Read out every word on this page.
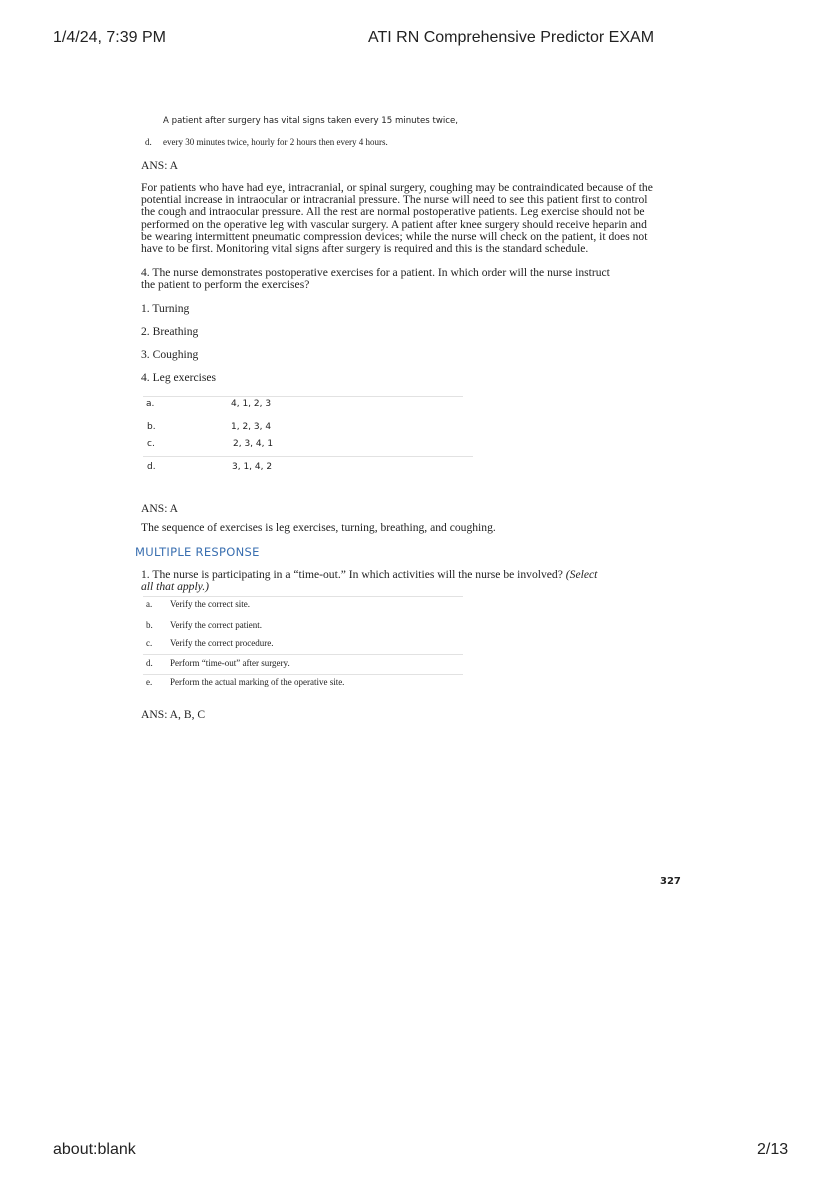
1/4/24, 7:39 PM	ATI RN Comprehensive Predictor EXAM
A patient after surgery has vital signs taken every 15 minutes twice,
d. every 30 minutes twice, hourly for 2 hours then every 4 hours.
ANS: A
For patients who have had eye, intracranial, or spinal surgery, coughing may be contraindicated because of the
potential increase in intraocular or intracranial pressure. The nurse will need to see this patient first to control
the cough and intraocular pressure. All the rest are normal postoperative patients. Leg exercise should not be
performed on the operative leg with vascular surgery. A patient after knee surgery should receive heparin and
be wearing intermittent pneumatic compression devices; while the nurse will check on the patient, it does not
have to be first. Monitoring vital signs after surgery is required and this is the standard schedule.
4. The nurse demonstrates postoperative exercises for a patient. In which order will the nurse instruct
the patient to perform the exercises?
1. Turning
2. Breathing
3. Coughing
4. Leg exercises
a.	4, 1, 2, 3
b.	1, 2, 3, 4
c.	2, 3, 4, 1
d.	3, 1, 4, 2
ANS: A
The sequence of exercises is leg exercises, turning, breathing, and coughing.
MULTIPLE RESPONSE
1. The nurse is participating in a “time-out.” In which activities will the nurse be involved? (Select
all that apply.)
a. Verify the correct site.
b. Verify the correct patient.
c. Verify the correct procedure.
d. Perform “time-out” after surgery.
e. Perform the actual marking of the operative site.
ANS: A, B, C
327
about:blank	2/13
